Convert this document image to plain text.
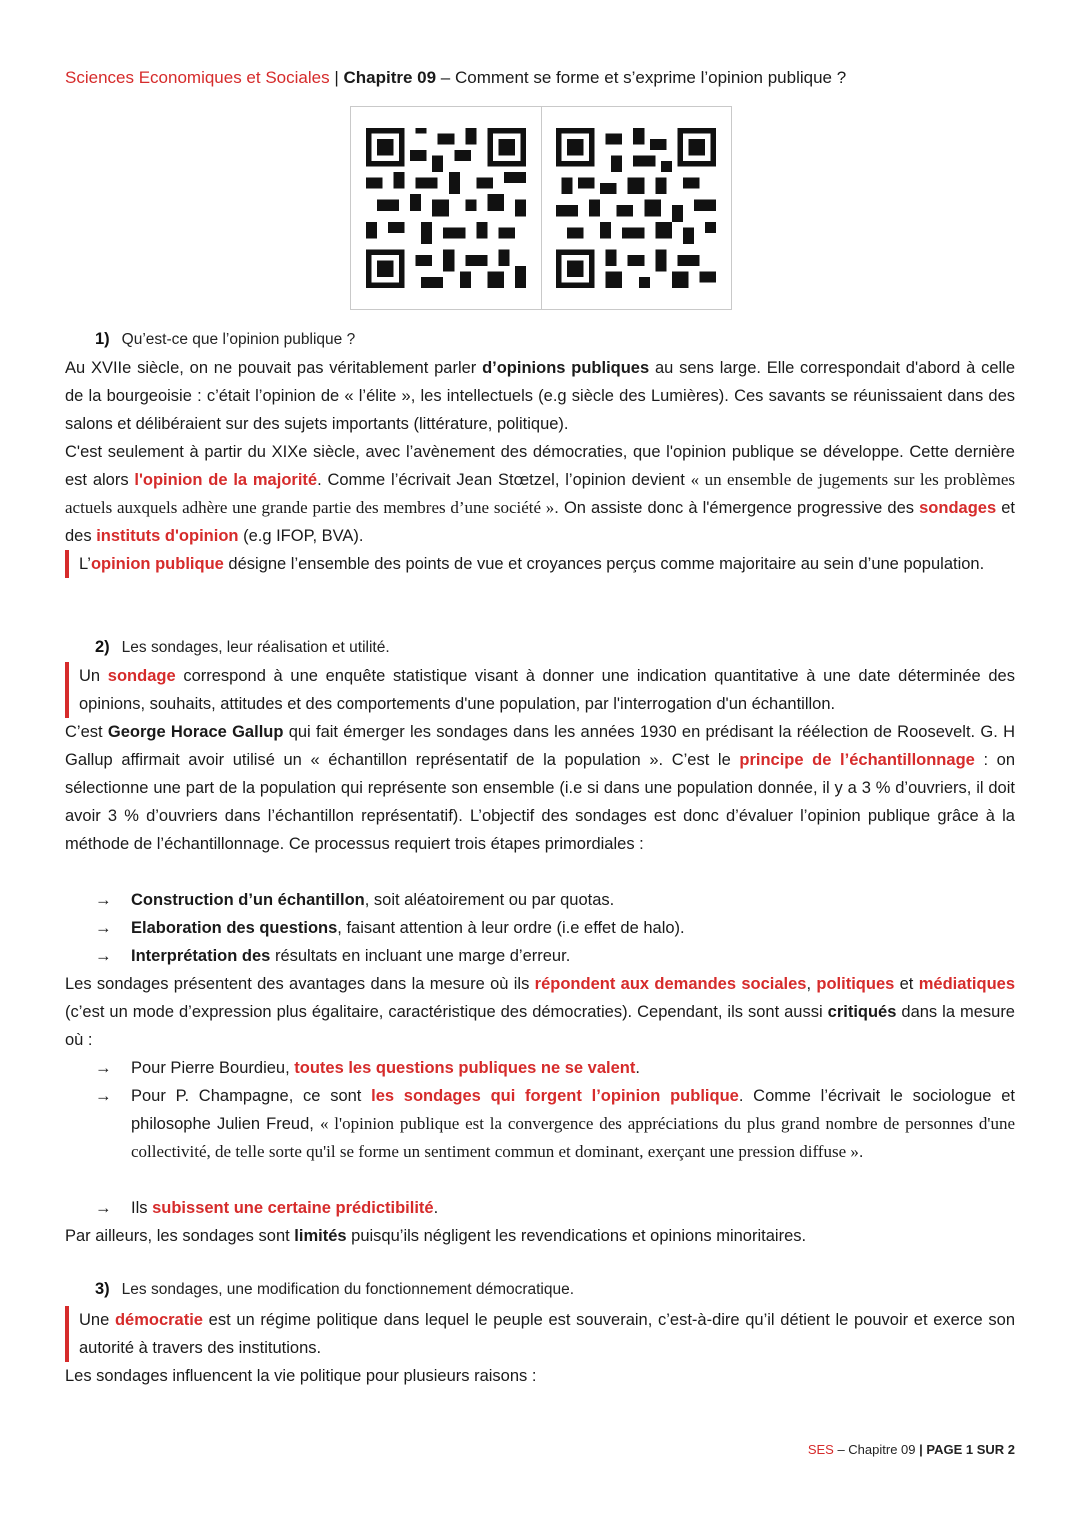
Sciences Economiques et Sociales | Chapitre 09 – Comment se forme et s’exprime l’opinion publique ?
1) Qu’est-ce que l’opinion publique ?
Au XVIIe siècle, on ne pouvait pas véritablement parler d’opinions publiques au sens large. Elle correspondait d'abord à celle de la bourgeoisie : c’était l’opinion de « l’élite », les intellectuels (e.g siècle des Lumières). Ces savants se réunissaient dans des salons et délibéraient sur des sujets importants (littérature, politique).
C'est seulement à partir du XIXe siècle, avec l’avènement des démocraties, que l'opinion publique se développe. Cette dernière est alors l'opinion de la majorité. Comme l’écrivait Jean Stœtzel, l’opinion devient « un ensemble de jugements sur les problèmes actuels auxquels adhère une grande partie des membres d’une société ». On assiste donc à l'émergence progressive des sondages et des instituts d'opinion (e.g IFOP, BVA).
L’opinion publique désigne l’ensemble des points de vue et croyances perçus comme majoritaire au sein d’une population.
2) Les sondages, leur réalisation et utilité.
Un sondage correspond à une enquête statistique visant à donner une indication quantitative à une date déterminée des opinions, souhaits, attitudes et des comportements d'une population, par l'interrogation d'un échantillon.
C’est George Horace Gallup qui fait émerger les sondages dans les années 1930 en prédisant la réélection de Roosevelt. G. H Gallup affirmait avoir utilisé un « échantillon représentatif de la population ». C’est le principe de l’échantillonnage : on sélectionne une part de la population qui représente son ensemble (i.e si dans une population donnée, il y a 3 % d’ouvriers, il doit avoir 3 % d’ouvriers dans l’échantillon représentatif). L’objectif des sondages est donc d’évaluer l’opinion publique grâce à la méthode de l’échantillonnage. Ce processus requiert trois étapes primordiales :
→	Construction d’un échantillon, soit aléatoirement ou par quotas.
→	Elaboration des questions, faisant attention à leur ordre (i.e effet de halo).
→	Interprétation des résultats en incluant une marge d’erreur.
Les sondages présentent des avantages dans la mesure où ils répondent aux demandes sociales, politiques et médiatiques (c’est un mode d’expression plus égalitaire, caractéristique des démocraties). Cependant, ils sont aussi critiqués dans la mesure où :
→	Pour Pierre Bourdieu, toutes les questions publiques ne se valent.
→	Pour P. Champagne, ce sont les sondages qui forgent l’opinion publique. Comme l’écrivait le sociologue et philosophe Julien Freud, « l'opinion publique est la convergence des appréciations du plus grand nombre de personnes d'une collectivité, de telle sorte qu'il se forme un sentiment commun et dominant, exerçant une pression diffuse ».
→	Ils subissent une certaine prédictibilité.
Par ailleurs, les sondages sont limités puisqu’ils négligent les revendications et opinions minoritaires.
3) Les sondages, une modification du fonctionnement démocratique.
Une démocratie est un régime politique dans lequel le peuple est souverain, c’est-à-dire qu’il détient le pouvoir et exerce son autorité à travers des institutions.
Les sondages influencent la vie politique pour plusieurs raisons :
SES – Chapitre 09 | PAGE 1 SUR 2
